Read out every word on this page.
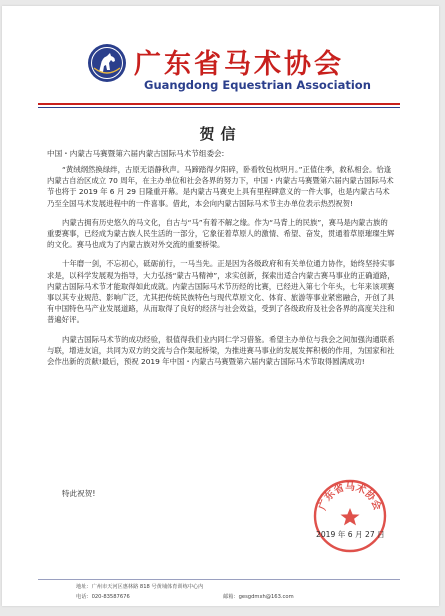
广东省马术协会
Guangdong Equestrian Association
贺信
中国・内蒙古马赛暨第六届内蒙古国际马术节组委会:

“黄绒纲然换绿绊，古原无语静秋声。马蹄踏得夕阳碎，卧看牧包枕明月。”正值住季，救私相会。恰逢内蒙古自治区成立 70 周年，在主办单位和社会各界的努力下，中国・内蒙古马赛暨第六届内蒙古国际马术节也将于 2019 年 6 月 29 日隆重开幕。是内蒙古马赛史上具有里程碑意义的一件大事，也是内蒙古马术乃至全国马术发展进程中的一件喜事。借此，本会向内蒙古国际马术节主办单位表示热烈祝贺!

内蒙古拥有历史悠久的马文化，自古与“马”有着不解之缘。作为“马背上的民族”，赛马是内蒙古族的重要赛事，已经成为蒙古族人民生活的一部分，它象征着草原人的激情、希望、奋发，贯通着草原璀璨生辉的文化。赛马也成为了内蒙古族对外交流的重要桥梁。

十年磨一剑，不忘初心，砥砺前行，一马当先。正是因为各级政府和有关单位通力协作，始终坚持实事求是，以科学发展观为指导，大力弘扬“蒙古马精神”，求实创新，探索出适合内蒙古赛马事业的正确道路，内蒙古国际马术节才能取得如此成就。内蒙古国际马术节历经的比赛，已经进入第七个年头，七年来该项赛事以其专业规范、影响广泛，尤其把传统民族特色与现代草原文化、体育、旅游等事业紧密融合，开创了具有中国特色马产业发展道路，从而取得了良好的经济与社会效益，受到了各级政府及社会各界的高度关注和普遍好评。

内蒙古国际马术节的成功经验，很值得我们业内同仁学习借鉴。希望主办单位与我会之间加强沟通联系与联，增进友谊，共同为双方的交流与合作架起桥梁，为推进赛马事业的发展发挥积极的作用，为国家和社会作出新的贡献!最后，预祝 2019 年中国・内蒙古马赛暨第六届内蒙古国际马术节取得圆满成功!

特此祝贺!
广东省马术协会
2019 年 6 月 27 日
地址：广州市天河区惠林路 818 号黄埔体育训练中心内
电话：020-83587676	邮箱：gesgdmxh@163.com
